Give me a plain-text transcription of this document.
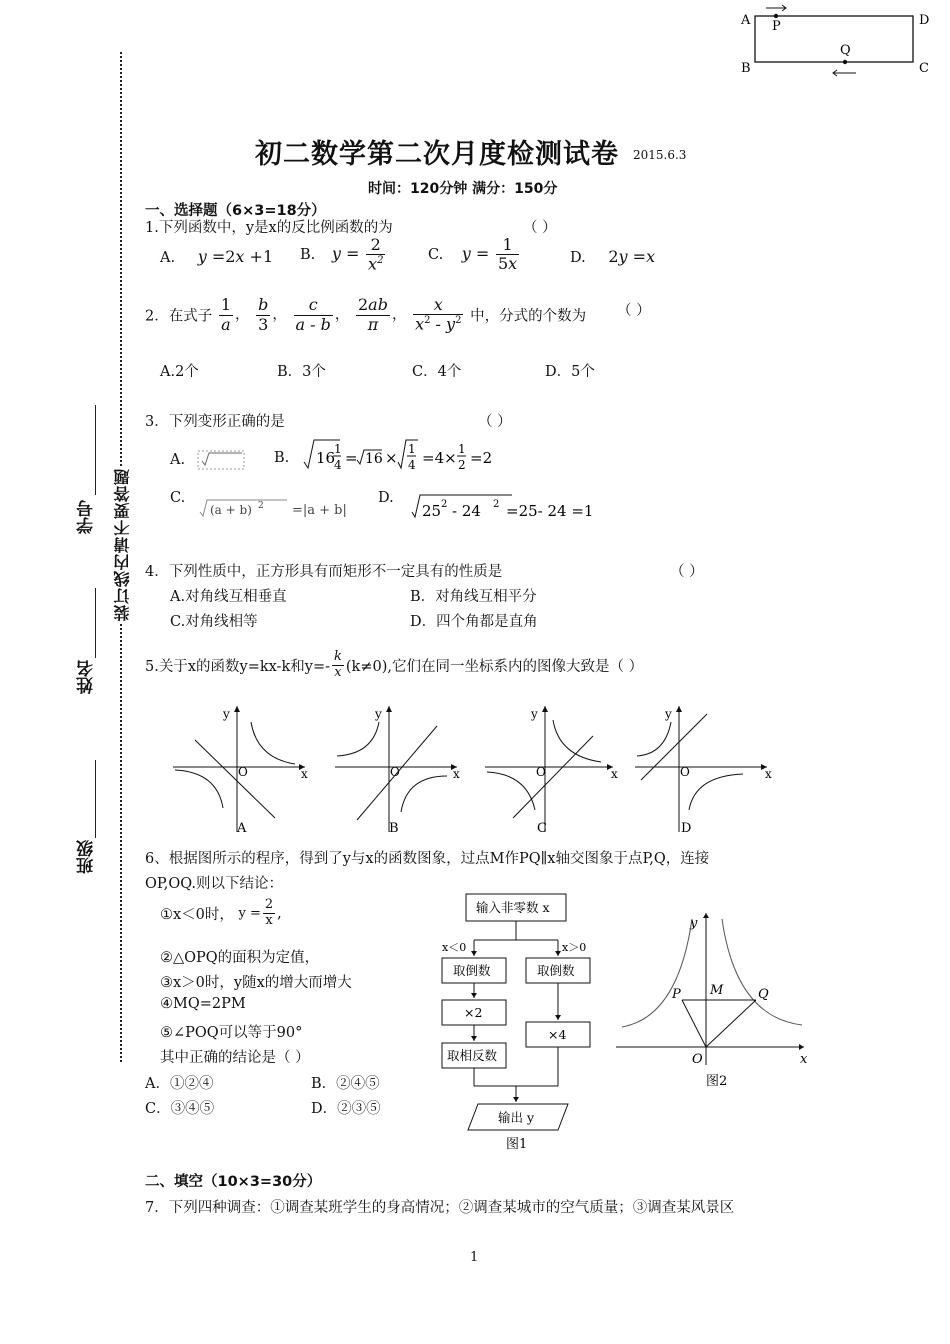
A P	D
B
Q
C
学号
姓名
班级
装订线内请不要答题
初二数学第二次月度检测试卷 2015.6.3
时间：120分钟 满分：150分
一、选择题（6×3=18分）
1.下列函数中，y是x的反比例函数的为	（ ）
A. y =2x +1 B. $y = \frac{2}{x^2}$	C. $y = \frac{1}{5x}$	D. 2y =x
2．在式子 $\frac{1}{a}$ ， $\frac{b}{3}$ ， $\frac{c}{a - b}$ ， $\frac{2ab}{\pi}$ ， $\frac{x}{x^2 - y^2}$ 中，分式的个数为 （ ）
A.2个	B．3个	C．4个	D．5个
3．下列变形正确的是	（ ）
A.	B. 16
1
4 = 16 × 1
4 =4× 1
2 =2
C.
(a + b) 2 =|a + b|
D.
25 2 - 24 2 =25- 24 =1
4．下列性质中，正方形具有而矩形不一定具有的性质是	（ ）
A.对角线互相垂直	B．对角线互相平分
C.对角线相等	D．四个角都是直角
5.关于x的函数y=kx-k和$y=- \frac{k}{x} (k\ne 0)$,它们在同一坐标系内的图像大致是（ ）
y
x
O
y
x
O
y
x
O
y
x
O
A	B	C	D
6、根据图所示的程序，得到了y与x的函数图象，过点M作PQ∥x轴交图象于点P,Q，连接
OP,OQ.则以下结论：
①x＜0时， $y = \frac{2}{x}$ ,
②△OPQ的面积为定值，
③x＞0时，y随x的增大而增大
④MQ=2PM
⑤∠POQ可以等于90°
其中正确的结论是（ ）
A．①②④	B．②④⑤
C．③④⑤	D．②③⑤
输入非零数 x
x＜0	x＞0
取倒数	取倒数
×2
取相反数
×4
输出 y
图1
y
x
O
P M	Q
图2
二、填空（10×3=30分）
7．下列四种调查：①调查某班学生的身高情况；②调查某城市的空气质量；③调查某风景区
1
